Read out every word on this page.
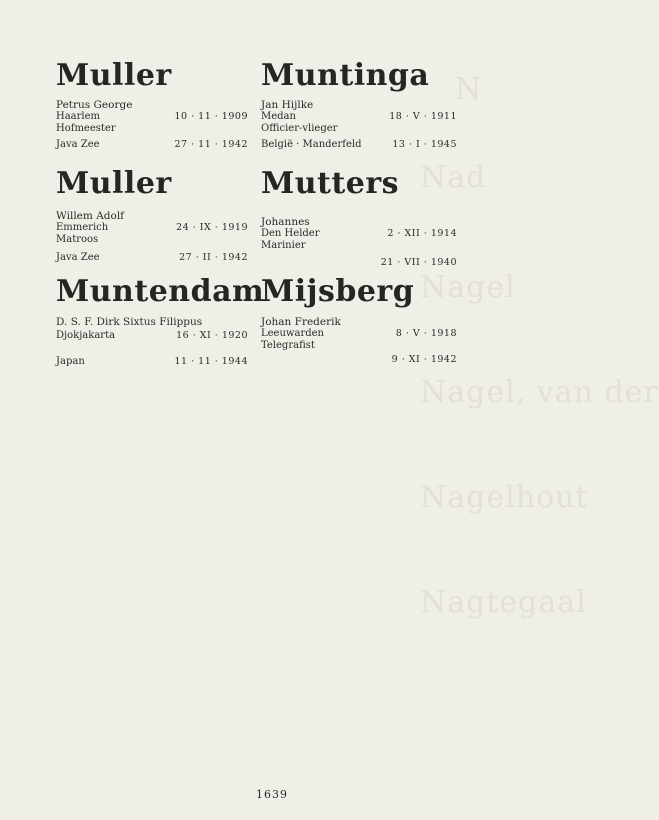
N
Nad
Nagel
Nagel, van der
Nagelhout
Nagtegaal
Muller
Petrus George
Haarlem	10 · 11 · 1909
Hofmeester
Java Zee	27 · 11 · 1942
Muller
Willem Adolf
Emmerich	24 · IX · 1919
Matroos
Java Zee	27 · II · 1942
Muntendam
D. S. F. Dirk Sixtus Filippus
Djokjakarta	16 · XI · 1920
Japan	11 · 11 · 1944
Muntinga
Jan Hijlke
Medan	18 · V · 1911
Officier-vlieger
België · Manderfeld	13 · I · 1945
Mutters
Johannes
Den Helder	2 · XII · 1914
Marinier
21 · VII · 1940
Mijsberg
Johan Frederik
Leeuwarden	8 · V · 1918
Telegrafist
9 · XI · 1942
1639
